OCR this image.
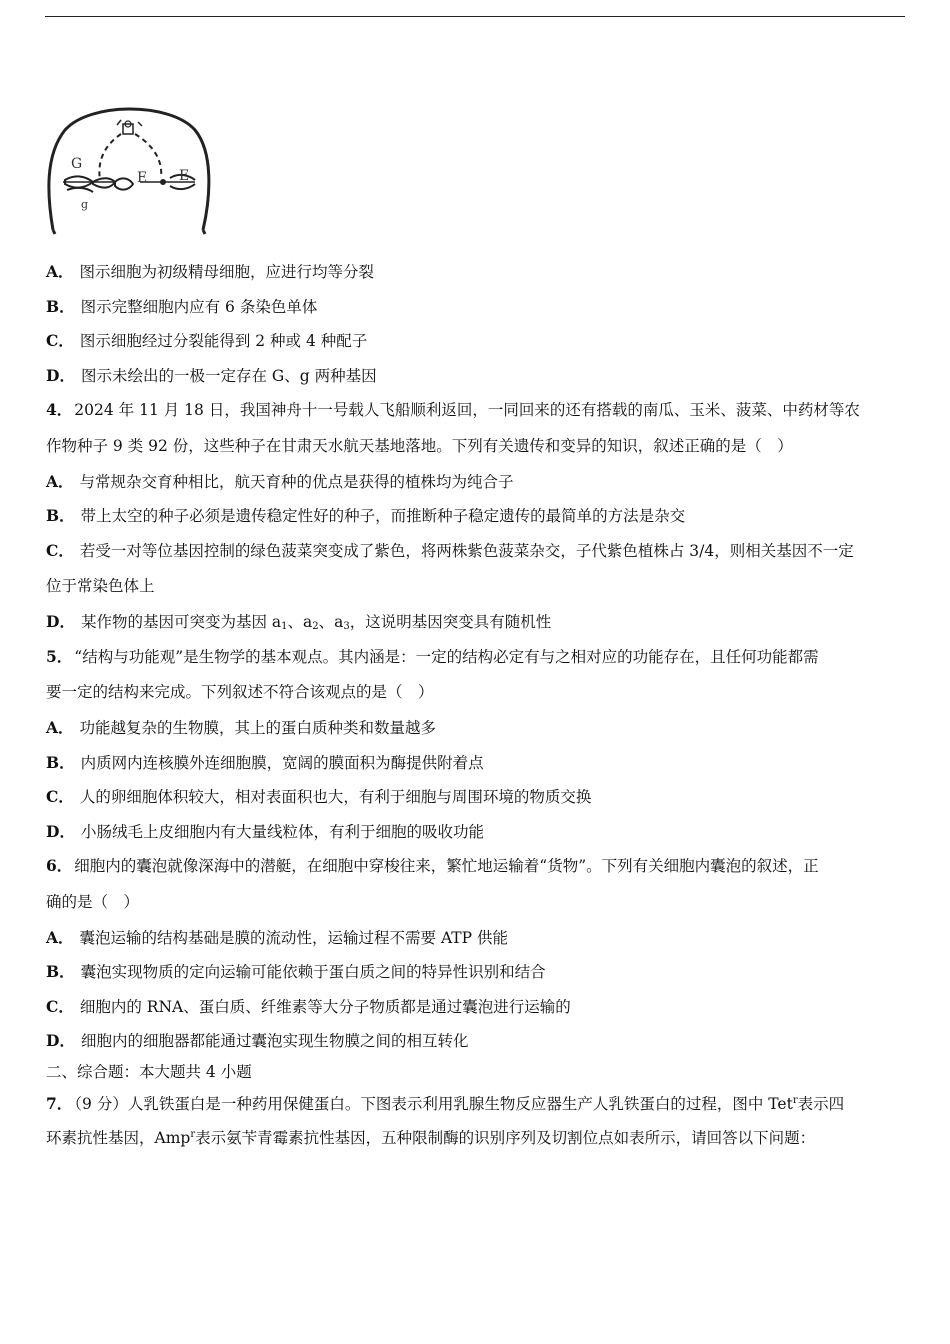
G
g
E E
A． 图示细胞为初级精母细胞，应进行均等分裂
B． 图示完整细胞内应有 6 条染色单体
C． 图示细胞经过分裂能得到 2 种或 4 种配子
D． 图示未绘出的一极一定存在 G、g 两种基因
4． 2024 年 11 月 18 日，我国神舟十一号载人飞船顺利返回，一同回来的还有搭载的南瓜、玉米、菠菜、中药材等农
作物种子 9 类 92 份，这些种子在甘肃天水航天基地落地。下列有关遗传和变异的知识，叙述正确的是（　）
A． 与常规杂交育种相比，航天育种的优点是获得的植株均为纯合子
B． 带上太空的种子必须是遗传稳定性好的种子，而推断种子稳定遗传的最简单的方法是杂交
C． 若受一对等位基因控制的绿色菠菜突变成了紫色，将两株紫色菠菜杂交，子代紫色植株占 3/4，则相关基因不一定
位于常染色体上
D． 某作物的基因可突变为基因 $a_1$、$a_2$、$a_3$，这说明基因突变具有随机性
5． “结构与功能观”是生物学的基本观点。其内涵是：一定的结构必定有与之相对应的功能存在，且任何功能都需
要一定的结构来完成。下列叙述不符合该观点的是（　）
A． 功能越复杂的生物膜，其上的蛋白质种类和数量越多
B． 内质网内连核膜外连细胞膜，宽阔的膜面积为酶提供附着点
C． 人的卵细胞体积较大，相对表面积也大，有利于细胞与周围环境的物质交换
D． 小肠绒毛上皮细胞内有大量线粒体，有利于细胞的吸收功能
6． 细胞内的囊泡就像深海中的潜艇，在细胞中穿梭往来，繁忙地运输着“货物”。下列有关细胞内囊泡的叙述，正
确的是（　）
A． 囊泡运输的结构基础是膜的流动性，运输过程不需要 ATP 供能
B． 囊泡实现物质的定向运输可能依赖于蛋白质之间的特异性识别和结合
C． 细胞内的 RNA、蛋白质、纤维素等大分子物质都是通过囊泡进行运输的
D． 细胞内的细胞器都能通过囊泡实现生物膜之间的相互转化
二、综合题：本大题共 4 小题
7． （9 分）人乳铁蛋白是一种药用保健蛋白。下图表示利用乳腺生物反应器生产人乳铁蛋白的过程，图中 Tet$^r$表示四
环素抗性基因，Amp$^r$表示氨苄青霉素抗性基因，五种限制酶的识别序列及切割位点如表所示，请回答以下问题：
